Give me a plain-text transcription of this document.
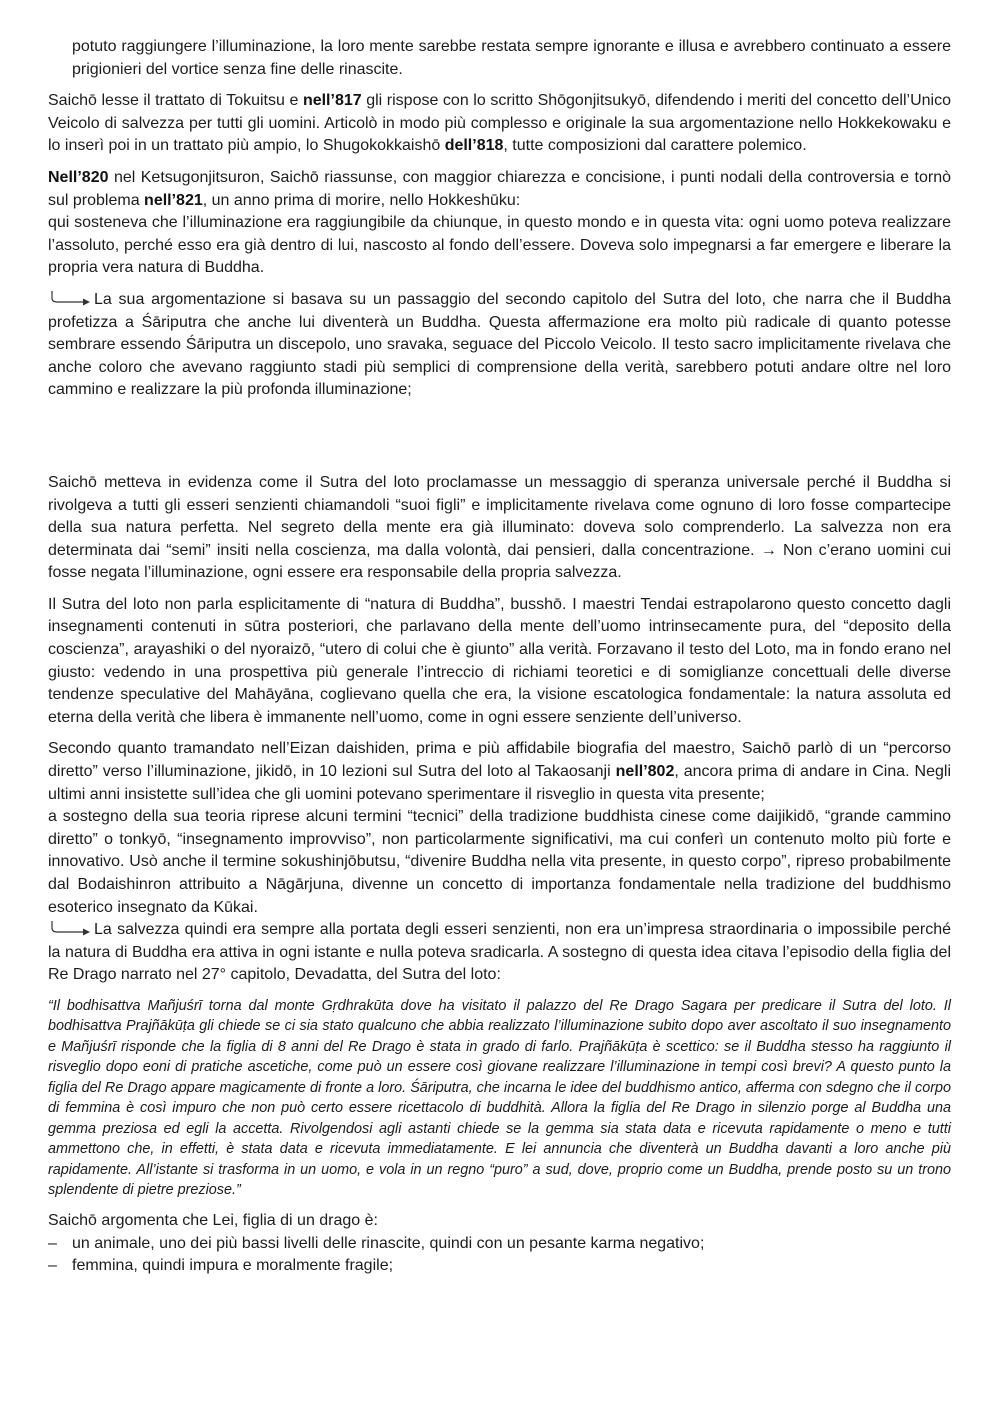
potuto raggiungere l’illuminazione, la loro mente sarebbe restata sempre ignorante e illusa e avrebbero continuato a essere prigionieri del vortice senza fine delle rinascite.

Saichō lesse il trattato di Tokuitsu e nell’817 gli rispose con lo scritto Shōgonjitsukyō, difendendo i meriti del concetto dell’Unico Veicolo di salvezza per tutti gli uomini. Articolò in modo più complesso e originale la sua argomentazione nello Hokkekowaku e lo inserì poi in un trattato più ampio, lo Shugokokkaishō dell’818, tutte composizioni dal carattere polemico.

Nell’820 nel Ketsugonjitsuron, Saichō riassunse, con maggior chiarezza e concisione, i punti nodali della controversia e tornò sul problema nell’821, un anno prima di morire, nello Hokkeshūku:

qui sosteneva che l’illuminazione era raggiungibile da chiunque, in questo mondo e in questa vita: ogni uomo poteva realizzare l’assoluto, perché esso era già dentro di lui, nascosto al fondo dell’essere. Doveva solo impegnarsi a far emergere e liberare la propria vera natura di Buddha.

La sua argomentazione si basava su un passaggio del secondo capitolo del Sutra del loto, che narra che il Buddha profetizza a Śāriputra che anche lui diventerà un Buddha. Questa affermazione era molto più radicale di quanto potesse sembrare essendo Śāriputra un discepolo, uno sravaka, seguace del Piccolo Veicolo. Il testo sacro implicitamente rivelava che anche coloro che avevano raggiunto stadi più semplici di comprensione della verità, sarebbero potuti andare oltre nel loro cammino e realizzare la più profonda illuminazione;

Saichō metteva in evidenza come il Sutra del loto proclamasse un messaggio di speranza universale perché il Buddha si rivolgeva a tutti gli esseri senzienti chiamandoli “suoi figli” e implicitamente rivelava come ognuno di loro fosse compartecipe della sua natura perfetta. Nel segreto della mente era già illuminato: doveva solo comprenderlo. La salvezza non era determinata dai “semi” insiti nella coscienza, ma dalla volontà, dai pensieri, dalla concentrazione. → Non c’erano uomini cui fosse negata l’illuminazione, ogni essere era responsabile della propria salvezza.

Il Sutra del loto non parla esplicitamente di “natura di Buddha”, busshō. I maestri Tendai estrapolarono questo concetto dagli insegnamenti contenuti in sūtra posteriori, che parlavano della mente dell’uomo intrinsecamente pura, del “deposito della coscienza”, arayashiki o del nyoraizō, “utero di colui che è giunto” alla verità. Forzavano il testo del Loto, ma in fondo erano nel giusto: vedendo in una prospettiva più generale l’intreccio di richiami teoretici e di somiglianze concettuali delle diverse tendenze speculative del Mahāyāna, coglievano quella che era, la visione escatologica fondamentale: la natura assoluta ed eterna della verità che libera è immanente nell’uomo, come in ogni essere senziente dell’universo.

Secondo quanto tramandato nell’Eizan daishiden, prima e più affidabile biografia del maestro, Saichō parlò di un “percorso diretto” verso l’illuminazione, jikidō, in 10 lezioni sul Sutra del loto al Takaosanji nell’802, ancora prima di andare in Cina. Negli ultimi anni insistette sull’idea che gli uomini potevano sperimentare il risveglio in questa vita presente;

a sostegno della sua teoria riprese alcuni termini “tecnici” della tradizione buddhista cinese come daijikidō, “grande cammino diretto” o tonkyō, “insegnamento improvviso”, non particolarmente significativi, ma cui conferì un contenuto molto più forte e innovativo. Usò anche il termine sokushinjōbutsu, “divenire Buddha nella vita presente, in questo corpo”, ripreso probabilmente dal Bodaishinron attribuito a Nāgārjuna, divenne un concetto di importanza fondamentale nella tradizione del buddhismo esoterico insegnato da Kūkai.

La salvezza quindi era sempre alla portata degli esseri senzienti, non era un’impresa straordinaria o impossibile perché la natura di Buddha era attiva in ogni istante e nulla poteva sradicarla. A sostegno di questa idea citava l’episodio della figlia del Re Drago narrato nel 27° capitolo, Devadatta, del Sutra del loto:

“Il bodhisattva Mañjuśrī torna dal monte Gṛdhrakūta dove ha visitato il palazzo del Re Drago Sagara per predicare il Sutra del loto. Il bodhisattva Prajñākūṭa gli chiede se ci sia stato qualcuno che abbia realizzato l’illuminazione subito dopo aver ascoltato il suo insegnamento e Mañjuśrī risponde che la figlia di 8 anni del Re Drago è stata in grado di farlo. Prajñākūṭa è scettico: se il Buddha stesso ha raggiunto il risveglio dopo eoni di pratiche ascetiche, come può un essere così giovane realizzare l’illuminazione in tempi così brevi? A questo punto la figlia del Re Drago appare magicamente di fronte a loro. Śāriputra, che incarna le idee del buddhismo antico, afferma con sdegno che il corpo di femmina è così impuro che non può certo essere ricettacolo di buddhità. Allora la figlia del Re Drago in silenzio porge al Buddha una gemma preziosa ed egli la accetta. Rivolgendosi agli astanti chiede se la gemma sia stata data e ricevuta rapidamente o meno e tutti ammettono che, in effetti, è stata data e ricevuta immediatamente. E lei annuncia che diventerà un Buddha davanti a loro anche più rapidamente. All’istante si trasforma in un uomo, e vola in un regno “puro” a sud, dove, proprio come un Buddha, prende posto su un trono splendente di pietre preziose.”

Saichō argomenta che Lei, figlia di un drago è:

– un animale, uno dei più bassi livelli delle rinascite, quindi con un pesante karma negativo;
– femmina, quindi impura e moralmente fragile;
